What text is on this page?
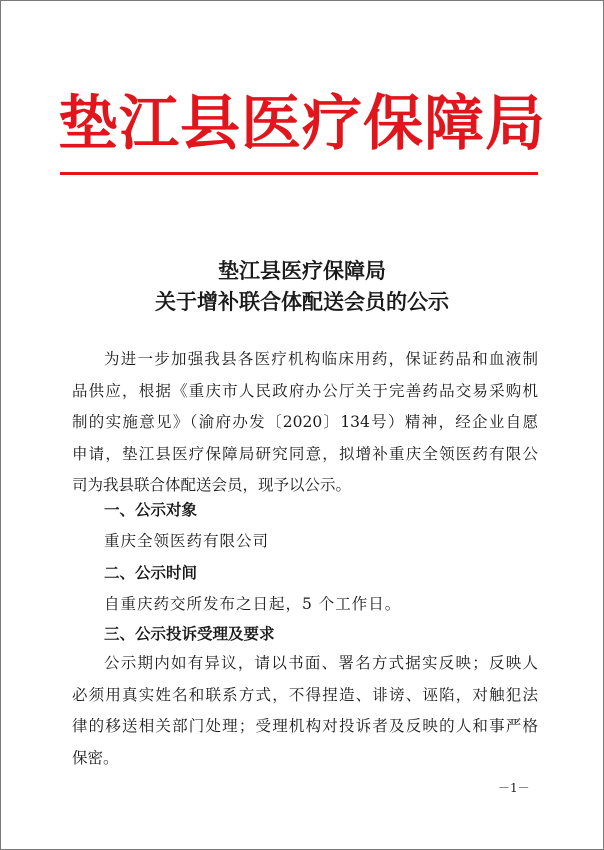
垫江县医疗保障局
垫江县医疗保障局
关于增补联合体配送会员的公示
为进一步加强我县各医疗机构临床用药，保证药品和血液制
品供应，根据《重庆市人民政府办公厅关于完善药品交易采购机
制的实施意见》（渝府办发〔2020〕134号）精神，经企业自愿
申请，垫江县医疗保障局研究同意，拟增补重庆全领医药有限公
司为我县联合体配送会员，现予以公示。
一、公示对象
重庆全领医药有限公司
二、公示时间
自重庆药交所发布之日起，5 个工作日。
三、公示投诉受理及要求
公示期内如有异议，请以书面、署名方式据实反映；反映人
必须用真实姓名和联系方式，不得捏造、诽谤、诬陷，对触犯法
律的移送相关部门处理；受理机构对投诉者及反映的人和事严格
保密。
－1－
